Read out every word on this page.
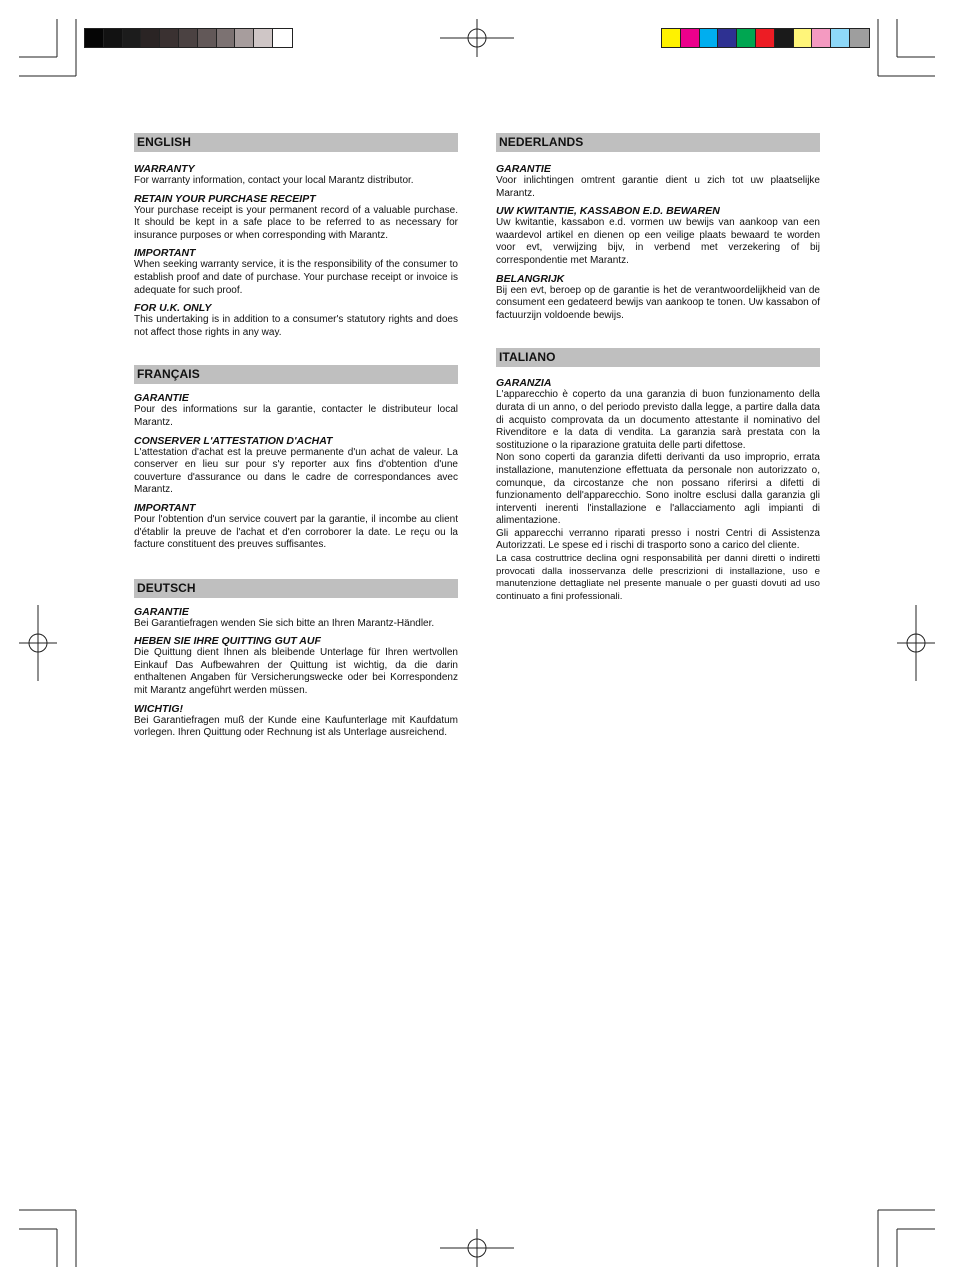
ENGLISH

WARRANTY

For warranty information, contact your local Marantz distributor.

RETAIN YOUR PURCHASE RECEIPT

Your purchase receipt is your permanent record of a valuable purchase. It should be kept in a safe place to be referred to as necessary for insurance purposes or when corresponding with Marantz.

IMPORTANT

When seeking warranty service, it is the responsibility of the consumer to establish proof and date of purchase. Your purchase receipt or invoice is adequate for such proof.

FOR U.K. ONLY

This undertaking is in addition to a consumer's statutory rights and does not affect those rights in any way.

FRANÇAIS

GARANTIE

Pour des informations sur la garantie, contacter le distributeur local Marantz.

CONSERVER L'ATTESTATION D'ACHAT

L'attestation d'achat est la preuve permanente d'un achat de valeur. La conserver en lieu sur pour s'y reporter aux fins d'obtention d'une couverture d'assurance ou dans le cadre de correspondances avec Marantz.

IMPORTANT

Pour l'obtention d'un service couvert par la garantie, il incombe au client d'établir la preuve de l'achat et d'en corroborer la date. Le reçu ou la facture constituent des preuves suffisantes.

DEUTSCH

GARANTIE

Bei Garantiefragen wenden Sie sich bitte an Ihren Marantz-Händler.

HEBEN SIE IHRE QUITTING GUT AUF

Die Quittung dient Ihnen als bleibende Unterlage für Ihren wertvollen Einkauf Das Aufbewahren der Quittung ist wichtig, da die darin enthaltenen Angaben für Versicherungswecke oder bei Korrespondenz mit Marantz angeführt werden müssen.

WICHTIG!

Bei Garantiefragen muß der Kunde eine Kaufunterlage mit Kaufdatum vorlegen. Ihren Quittung oder Rechnung ist als Unterlage ausreichend.

NEDERLANDS

GARANTIE

Voor inlichtingen omtrent garantie dient u zich tot uw plaatselijke Marantz.

UW KWITANTIE, KASSABON E.D. BEWAREN

Uw kwitantie, kassabon e.d. vormen uw bewijs van aankoop van een waardevol artikel en dienen op een veilige plaats bewaard te worden voor evt, verwijzing bijv, in verbend met verzekering of bij correspondentie met Marantz.

BELANGRIJK

Bij een evt, beroep op de garantie is het de verantwoordelijkheid van de consument een gedateerd bewijs van aankoop te tonen. Uw kassabon of factuurzijn voldoende bewijs.

ITALIANO

GARANZIA

L'apparecchio è coperto da una garanzia di buon funzionamento della durata di un anno, o del periodo previsto dalla legge, a partire dalla data di acquisto comprovata da un documento attestante il nominativo del Rivenditore e la data di vendita. La garanzia sarà prestata con la sostituzione o la riparazione gratuita delle parti difettose.

Non sono coperti da garanzia difetti derivanti da uso improprio, errata installazione, manutenzione effettuata da personale non autorizzato o, comunque, da circostanze che non possano riferirsi a difetti di funzionamento dell'apparecchio. Sono inoltre esclusi dalla garanzia gli interventi inerenti l'installazione e l'allacciamento agli impianti di alimentazione.

Gli apparecchi verranno riparati presso i nostri Centri di Assistenza Autorizzati. Le spese ed i rischi di trasporto sono a carico del cliente.

La casa costruttrice declina ogni responsabilità per danni diretti o indiretti provocati dalla inosservanza delle prescrizioni di installazione, uso e manutenzione dettagliate nel presente manuale o per guasti dovuti ad uso continuato a fini professionali.
